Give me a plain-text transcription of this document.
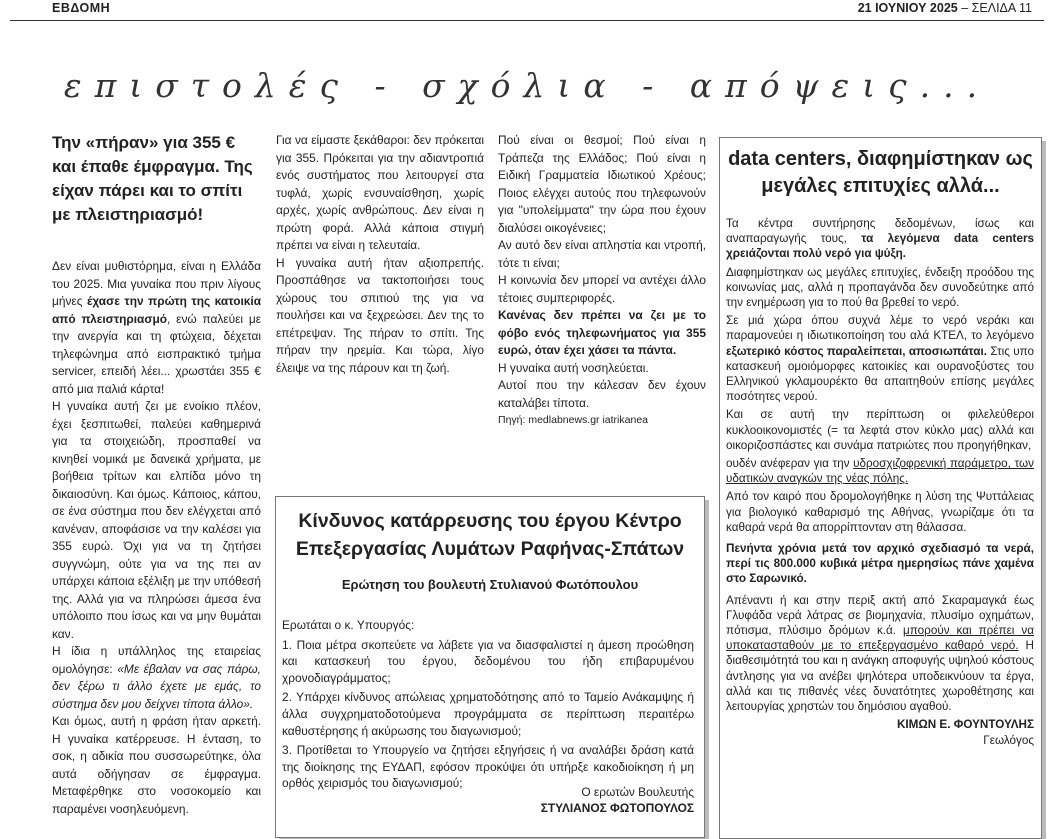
ΕΒΔΟΜΗ	21 ΙΟΥΝΙΟΥ 2025 – ΣΕΛΙΔΑ 11
επιστολές - σχόλια - απόψεις...
Την «πήραν» για 355 € και έπαθε έμφραγμα. Της είχαν πάρει και το σπίτι με πλειστηριασμό!

Δεν είναι μυθιστόρημα, είναι η Ελλάδα του 2025. Μια γυναίκα που πριν λίγους μήνες έχασε την πρώτη της κατοικία από πλειστηριασμό, ενώ παλεύει με την ανεργία και τη φτώχεια, δέχεται τηλεφώνημα από εισπρακτικό τμήμα servicer, επειδή λέει... χρωστάει 355 € από μια παλιά κάρτα!

Η γυναίκα αυτή ζει με ενοίκιο πλέον, έχει ξεσπιτωθεί, παλεύει καθημερινά για τα στοιχειώδη, προσπαθεί να κινηθεί νομικά με δανεικά χρήματα, με βοήθεια τρίτων και ελπίδα μόνο τη δικαιοσύνη. Και όμως. Κάποιος, κάπου, σε ένα σύστημα που δεν ελέγχεται από κανέναν, αποφάσισε να την καλέσει για 355 ευρώ. Όχι για να τη ζητήσει συγγνώμη, ούτε για να της πει αν υπάρχει κάποια εξέλιξη με την υπόθεσή της. Αλλά για να πληρώσει άμεσα ένα υπόλοιπο που ίσως και να μην θυμάται καν.

Η ίδια η υπάλληλος της εταιρείας ομολόγησε: «Με έβαλαν να σας πάρω, δεν ξέρω τι άλλο έχετε με εμάς, το σύστημα δεν μου δείχνει τίποτα άλλο».

Και όμως, αυτή η φράση ήταν αρκετή. Η γυναίκα κατέρρευσε. Η ένταση, το σοκ, η αδικία που συσσωρεύτηκε, όλα αυτά οδήγησαν σε έμφραγμα. Μεταφέρθηκε στο νοσοκομείο και παραμένει νοσηλευόμενη.

Για να είμαστε ξεκάθαροι: δεν πρόκειται για 355. Πρόκειται για την αδιαντροπιά ενός συστήματος που λειτουργεί στα τυφλά, χωρίς ενσυναίσθηση, χωρίς αρχές, χωρίς ανθρώπους. Δεν είναι η πρώτη φορά. Αλλά κάποια στιγμή πρέπει να είναι η τελευταία.

Η γυναίκα αυτή ήταν αξιοπρεπής. Προσπάθησε να τακτοποιήσει τους χώρους του σπιτιού της για να πουλήσει και να ξεχρεώσει. Δεν της το επέτρεψαν. Της πήραν το σπίτι. Της πήραν την ηρεμία. Και τώρα, λίγο έλειψε να της πάρουν και τη ζωή.

Πού είναι οι θεσμοί; Πού είναι η Τράπεζα της Ελλάδος; Πού είναι η Ειδική Γραμματεία Ιδιωτικού Χρέους; Ποιος ελέγχει αυτούς που τηλεφωνούν για "υπολείμματα" την ώρα που έχουν διαλύσει οικογένειες;

Αν αυτό δεν είναι απληστία και ντροπή, τότε τι είναι;

Η κοινωνία δεν μπορεί να αντέχει άλλο τέτοιες συμπεριφορές.

Κανένας δεν πρέπει να ζει με το φόβο ενός τηλεφωνήματος για 355 ευρώ, όταν έχει χάσει τα πάντα.

Η γυναίκα αυτή νοσηλεύεται.

Αυτοί που την κάλεσαν δεν έχουν καταλάβει τίποτα.

Πηγή: medlabnews.gr iatrikanea

data centers, διαφημίστηκαν ως μεγάλες επιτυχίες αλλά...

Τα κέντρα συντήρησης δεδομένων, ίσως και αναπαραγωγής τους, τα λεγόμενα data centers χρειάζονται πολύ νερό για ψύξη.

Διαφημίστηκαν ως μεγάλες επιτυχίες, ένδειξη προόδου της κοινωνίας μας, αλλά η προπαγάνδα δεν συνοδεύτηκε από την ενημέρωση για το πού θα βρεθεί το νερό.

Σε μιά χώρα όπου συχνά λέμε το νερό νεράκι και παραμονεύει η ιδιωτικοποίηση του αλά ΚΤΕΛ, το λεγόμενο εξωτερικό κόστος παραλείπεται, αποσιωπάται. Στις υπο κατασκευή ομοιόμορφες κατοικίες και ουρανοξύστες του Ελληνικού γκλαμουρέκτο θα απαιτηθούν επίσης μεγάλες ποσότητες νερού.

Και σε αυτή την περίπτωση οι φιλελεύθεροι κυκλοοικονομιστές (= τα λεφτά στον κύκλο μας) αλλά και οικοριζοσπάστες και συνάμα πατριώτες που προηγήθηκαν,

ουδέν ανέφεραν για την υδροσχιζοφρενική παράμετρο, των υδατικών αναγκών της νέας πόλης.

Από τον καιρό που δρομολογήθηκε η λύση της Ψυττάλειας για βιολογικό καθαρισμό της Αθήνας, γνωρίζαμε ότι τα καθαρά νερά θα απορρίπτονταν στη θάλασσα.

Πενήντα χρόνια μετά τον αρχικό σχεδιασμό τα νερά, περί τις 800.000 κυβικά μέτρα ημερησίως πάνε χαμένα στο Σαρωνικό.

Απέναντι ή και στην περιξ ακτή από Σκαραμαγκά έως Γλυφάδα νερά λάτρας σε βιομηχανία, πλυσίμο οχημάτων, πότισμα, πλύσιμο δρόμων κ.ά. μπορούν και πρέπει να υποκατασταθούν με το επεξεργασμένο καθαρό νερό. Η διαθεσιμότητά του και η ανάγκη αποφυγής υψηλού κόστους άντλησης για να ανέβει ψηλότερα υποδεικνύουν τα έργα, αλλά και τις πιθανές νέες δυνατότητες χωροθέτησης και λειτουργίας χρηστών του δημόσιου αγαθού.

ΚΙΜΩΝ Ε. ΦΟΥΝΤΟΥΛΗΣ

Γεωλόγος

Κίνδυνος κατάρρευσης του έργου Κέντρο Επεξεργασίας Λυμάτων Ραφήνας-Σπάτων
Ερώτηση του βουλευτή Στυλιανού Φωτόπουλου

Ερωτάται ο κ. Υπουργός:

1. Ποια μέτρα σκοπεύετε να λάβετε για να διασφαλιστεί η άμεση προώθηση και κατασκευή του έργου, δεδομένου του ήδη επιβαρυμένου χρονοδιαγράμματος;

2. Υπάρχει κίνδυνος απώλειας χρηματοδότησης από το Ταμείο Ανάκαμψης ή άλλα συγχρηματοδοτούμενα προγράμματα σε περίπτωση περαιτέρω καθυστέρησης ή ακύρωσης του διαγωνισμού;

3. Προτίθεται το Υπουργείο να ζητήσει εξηγήσεις ή να αναλάβει δράση κατά της διοίκησης της ΕΥΔΑΠ, εφόσον προκύψει ότι υπήρξε κακοδιοίκηση ή μη ορθός χειρισμός του διαγωνισμού;

Ο ερωτών Βουλευτής
ΣΤΥΛΙΑΝΟΣ ΦΩΤΟΠΟΥΛΟΣ
